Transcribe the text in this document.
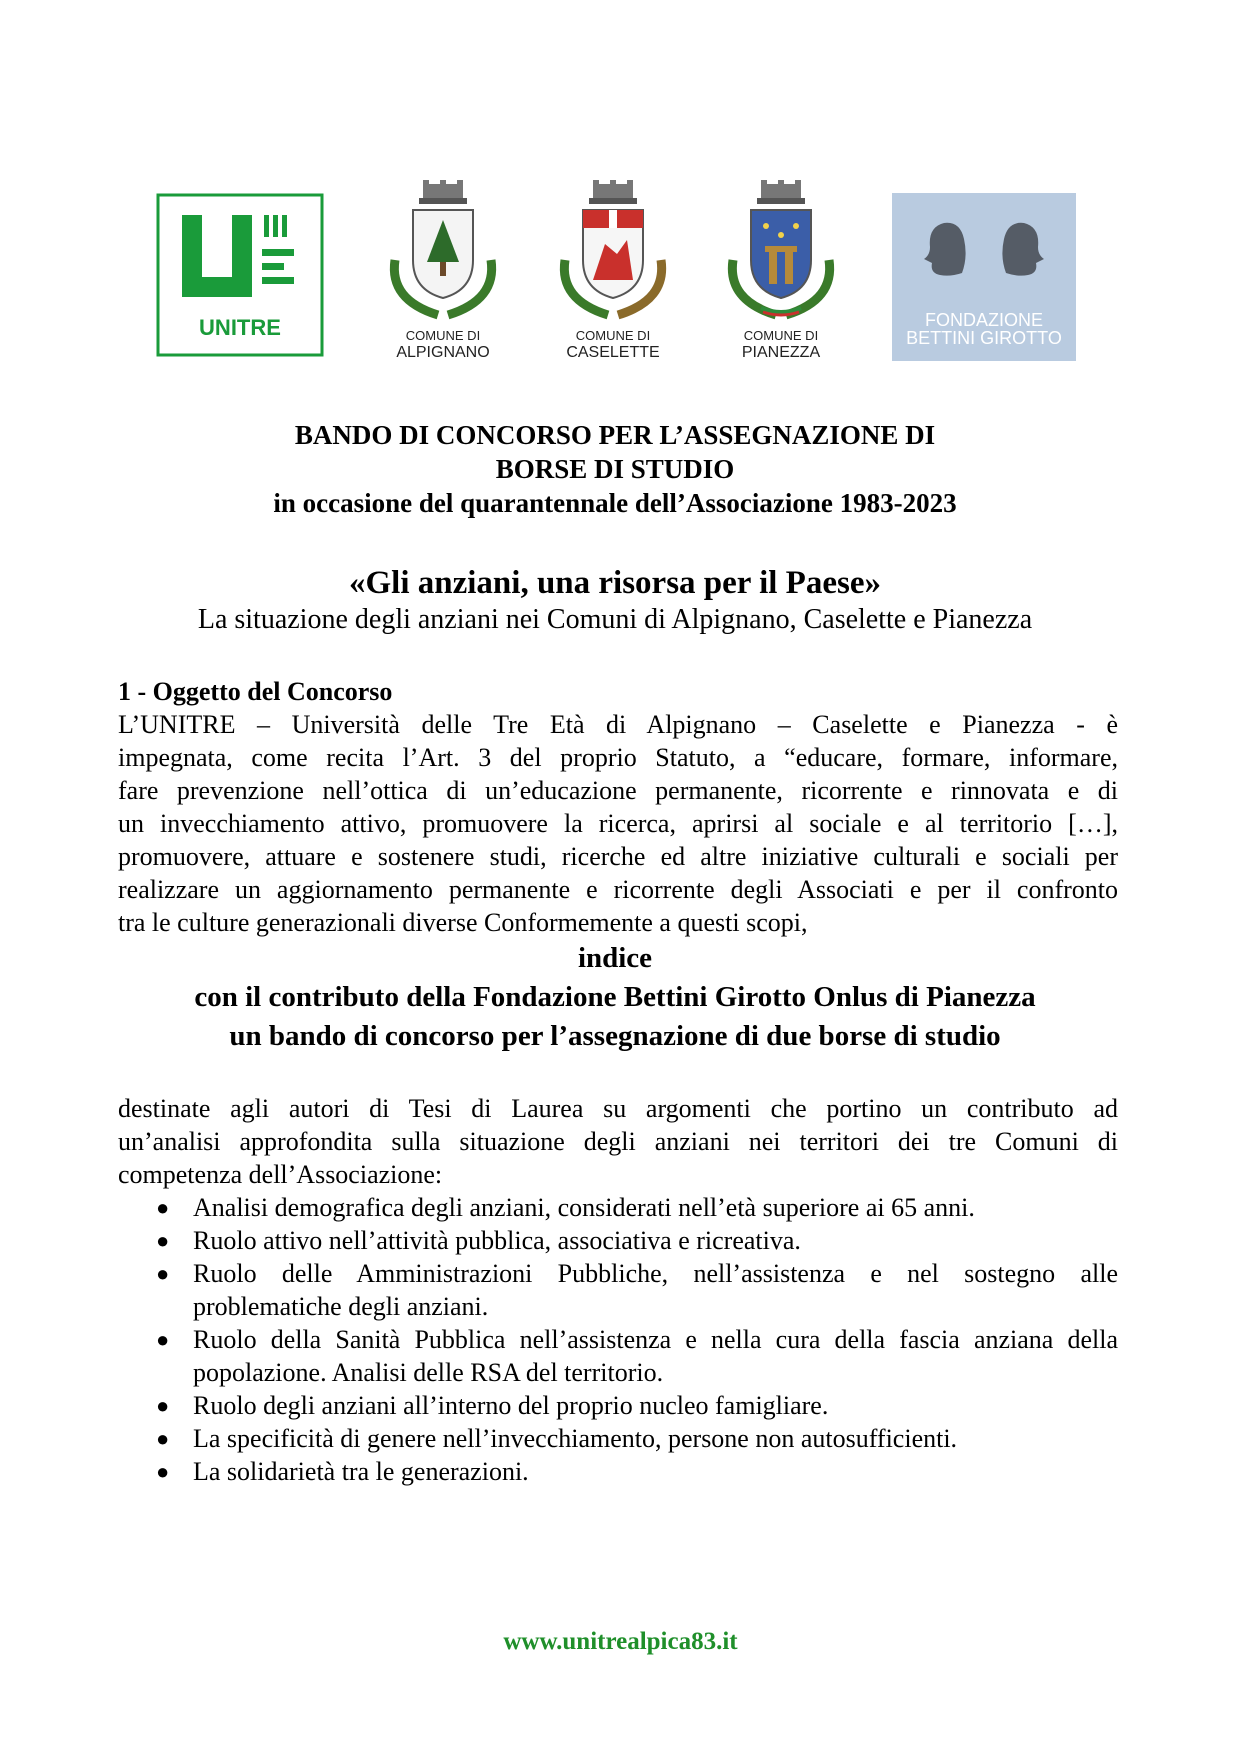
UNITRE	COMUNE DI
ALPIGNANO
COMUNE DI
CASELETTE
COMUNE DI
PIANEZZA
FONDAZIONE
BETTINI GIROTTO
BANDO DI CONCORSO PER L’ASSEGNAZIONE DI
BORSE DI STUDIO
in occasione del quarantennale dell’Associazione 1983-2023
«Gli anziani, una risorsa per il Paese»
La situazione degli anziani nei Comuni di Alpignano, Caselette e Pianezza
1 - Oggetto del Concorso
L’UNITRE – Università delle Tre Età di Alpignano – Caselette e Pianezza - è
impegnata, come recita l’Art. 3 del proprio Statuto, a “educare, formare, informare,
fare prevenzione nell’ottica di un’educazione permanente, ricorrente e rinnovata e di
un invecchiamento attivo, promuovere la ricerca, aprirsi al sociale e al territorio […],
promuovere, attuare e sostenere studi, ricerche ed altre iniziative culturali e sociali per
realizzare un aggiornamento permanente e ricorrente degli Associati e per il confronto
tra le culture generazionali diverse Conformemente a questi scopi,
indice
con il contributo della Fondazione Bettini Girotto Onlus di Pianezza
un bando di concorso per l’assegnazione di due borse di studio
destinate agli autori di Tesi di Laurea su argomenti che portino un contributo ad
un’analisi approfondita sulla situazione degli anziani nei territori dei tre Comuni di
competenza dell’Associazione:
● Analisi demografica degli anziani, considerati nell’età superiore ai 65 anni.
● Ruolo attivo nell’attività pubblica, associativa e ricreativa.
● Ruolo delle Amministrazioni Pubbliche, nell’assistenza e nel sostegno alle
problematiche degli anziani.
● Ruolo della Sanità Pubblica nell’assistenza e nella cura della fascia anziana della
popolazione. Analisi delle RSA del territorio.
● Ruolo degli anziani all’interno del proprio nucleo famigliare.
● La specificità di genere nell’invecchiamento, persone non autosufficienti.
● La solidarietà tra le generazioni.
www.unitrealpica83.it
